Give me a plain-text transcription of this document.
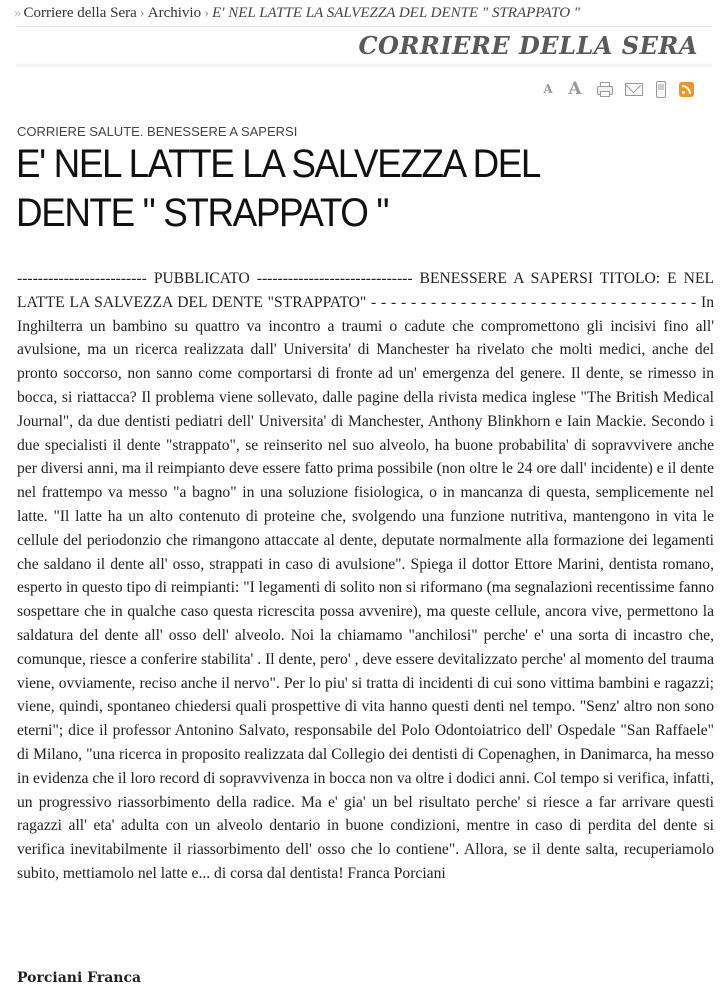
» Corriere della Sera › Archivio › E' NEL LATTE LA SALVEZZA DEL DENTE " STRAPPATO "
CORRIERE DELLA SERA
A A
CORRIERE SALUTE. BENESSERE A SAPERSI
E' NEL LATTE LA SALVEZZA DEL DENTE " STRAPPATO "

------------------------- PUBBLICATO ------------------------------ BENESSERE A SAPERSI TITOLO: E NEL LATTE LA SALVEZZA DEL DENTE "STRAPPATO" - - - - - - - - - - - - - - - - - - - - - - - - - - - - - - - - - In Inghilterra un bambino su quattro va incontro a traumi o cadute che compromettono gli incisivi fino all' avulsione, ma un ricerca realizzata dall' Universita' di Manchester ha rivelato che molti medici, anche del pronto soccorso, non sanno come comportarsi di fronte ad un' emergenza del genere. Il dente, se rimesso in bocca, si riattacca? Il problema viene sollevato, dalle pagine della rivista medica inglese "The British Medical Journal", da due dentisti pediatri dell' Universita' di Manchester, Anthony Blinkhorn e Iain Mackie. Secondo i due specialisti il dente "strappato", se reinserito nel suo alveolo, ha buone probabilita' di sopravvivere anche per diversi anni, ma il reimpianto deve essere fatto prima possibile (non oltre le 24 ore dall' incidente) e il dente nel frattempo va messo "a bagno" in una soluzione fisiologica, o in mancanza di questa, semplicemente nel latte. "Il latte ha un alto contenuto di proteine che, svolgendo una funzione nutritiva, mantengono in vita le cellule del periodonzio che rimangono attaccate al dente, deputate normalmente alla formazione dei legamenti che saldano il dente all' osso, strappati in caso di avulsione". Spiega il dottor Ettore Marini, dentista romano, esperto in questo tipo di reimpianti: "I legamenti di solito non si riformano (ma segnalazioni recentissime fanno sospettare che in qualche caso questa ricrescita possa avvenire), ma queste cellule, ancora vive, permettono la saldatura del dente all' osso dell' alveolo. Noi la chiamamo "anchilosi" perche' e' una sorta di incastro che, comunque, riesce a conferire stabilita' . Il dente, pero' , deve essere devitalizzato perche' al momento del trauma viene, ovviamente, reciso anche il nervo". Per lo piu' si tratta di incidenti di cui sono vittima bambini e ragazzi; viene, quindi, spontaneo chiedersi quali prospettive di vita hanno questi denti nel tempo. "Senz' altro non sono eterni"; dice il professor Antonino Salvato, responsabile del Polo Odontoiatrico dell' Ospedale "San Raffaele" di Milano, "una ricerca in proposito realizzata dal Collegio dei dentisti di Copenaghen, in Danimarca, ha messo in evidenza che il loro record di sopravvivenza in bocca non va oltre i dodici anni. Col tempo si verifica, infatti, un progressivo riassorbimento della radice. Ma e' gia' un bel risultato perche' si riesce a far arrivare questi ragazzi all' eta' adulta con un alveolo dentario in buone condizioni, mentre in caso di perdita del dente si verifica inevitabilmente il riassorbimento dell' osso che lo contiene". Allora, se il dente salta, recuperiamolo subito, mettiamolo nel latte e... di corsa dal dentista! Franca Porciani

Porciani Franca
